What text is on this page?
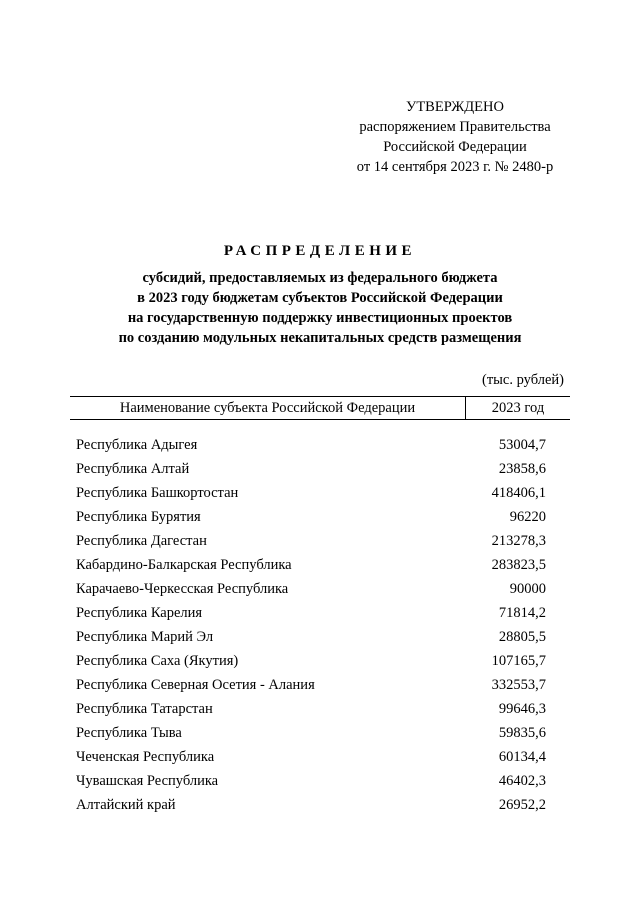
УТВЕРЖДЕНО
распоряжением Правительства
Российской Федерации
от 14 сентября 2023 г. № 2480-р
РАСПРЕДЕЛЕНИЕ
субсидий, предоставляемых из федерального бюджета
в 2023 году бюджетам субъектов Российской Федерации
на государственную поддержку инвестиционных проектов
по созданию модульных некапитальных средств размещения
(тыс. рублей)
Наименование субъекта Российской Федерации	2023 год
Республика Адыгея	53004,7
Республика Алтай	23858,6
Республика Башкортостан	418406,1
Республика Бурятия	96220
Республика Дагестан	213278,3
Кабардино-Балкарская Республика	283823,5
Карачаево-Черкесская Республика	90000
Республика Карелия	71814,2
Республика Марий Эл	28805,5
Республика Саха (Якутия)	107165,7
Республика Северная Осетия - Алания	332553,7
Республика Татарстан	99646,3
Республика Тыва	59835,6
Чеченская Республика	60134,4
Чувашская Республика	46402,3
Алтайский край	26952,2
